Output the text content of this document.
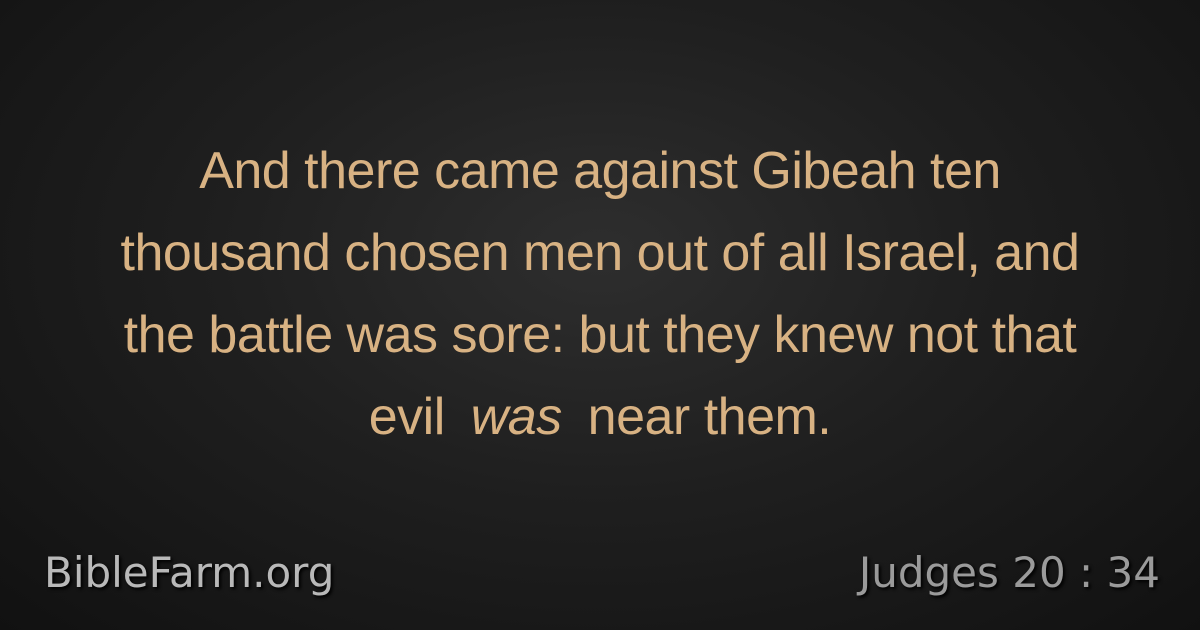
And there came against Gibeah ten
thousand chosen men out of all Israel, and
the battle was sore: but they knew not that
evil was near them.
BibleFarm.org	Judges 20 : 34
